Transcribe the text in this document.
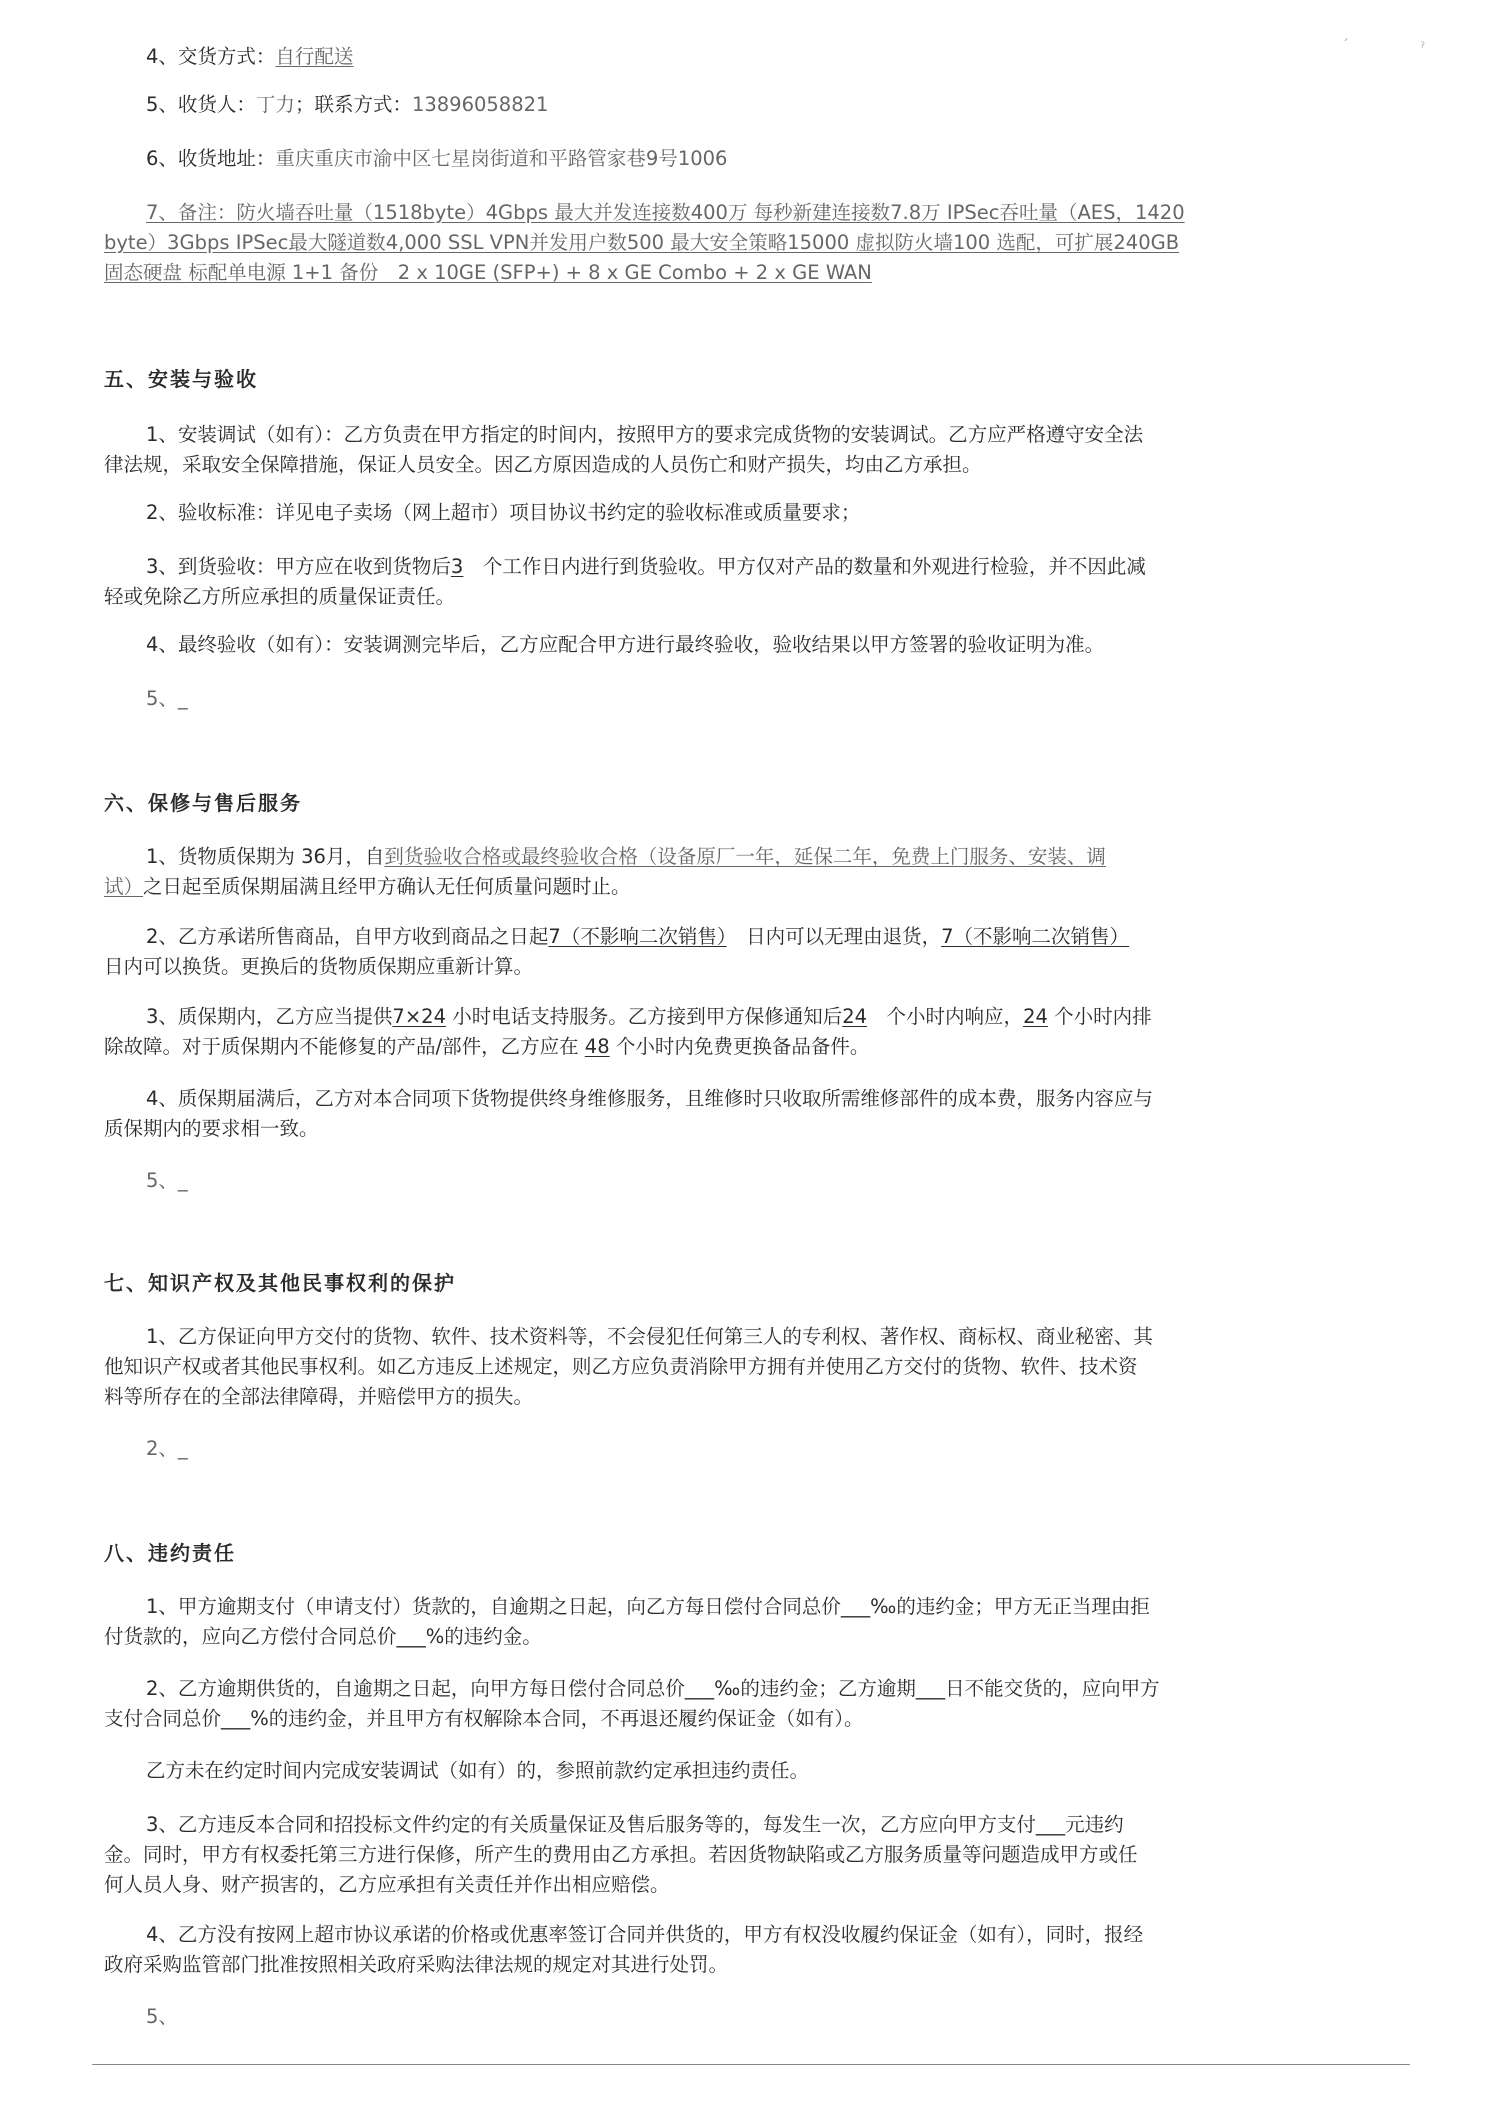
ˊ	ˀ
4、交货方式：自行配送
5、收货人：丁力；联系方式：13896058821
6、收货地址：重庆重庆市渝中区七星岗街道和平路管家巷9号1006
7、备注：防火墙吞吐量（1518byte）4Gbps 最大并发连接数400万 每秒新建连接数7.8万 IPSec吞吐量（AES，1420
byte）3Gbps IPSec最大隧道数4,000 SSL VPN并发用户数500 最大安全策略15000 虚拟防火墙100 选配，可扩展240GB
固态硬盘 标配单电源 1+1 备份　2 x 10GE (SFP+) + 8 x GE Combo + 2 x GE WAN
五、安装与验收
1、安装调试（如有）：乙方负责在甲方指定的时间内，按照甲方的要求完成货物的安装调试。乙方应严格遵守安全法
律法规，采取安全保障措施，保证人员安全。因乙方原因造成的人员伤亡和财产损失，均由乙方承担。
2、验收标准：详见电子卖场（网上超市）项目协议书约定的验收标准或质量要求；
3、到货验收：甲方应在收到货物后3　 个工作日内进行到货验收。甲方仅对产品的数量和外观进行检验，并不因此减
轻或免除乙方所应承担的质量保证责任。
4、最终验收（如有）：安装调测完毕后，乙方应配合甲方进行最终验收，验收结果以甲方签署的验收证明为准。
5、_
六、保修与售后服务
1、货物质保期为 36月，自到货验收合格或最终验收合格（设备原厂一年，延保二年，免费上门服务、安装、调
试）之日起至质保期届满且经甲方确认无任何质量问题时止。
2、乙方承诺所售商品，自甲方收到商品之日起7（不影响二次销售）　 日内可以无理由退货，7（不影响二次销售）
日内可以换货。更换后的货物质保期应重新计算。
3、质保期内，乙方应当提供7×24 小时电话支持服务。乙方接到甲方保修通知后24　 个小时内响应，24 个小时内排
除故障。对于质保期内不能修复的产品/部件，乙方应在 48 个小时内免费更换备品备件。
4、质保期届满后，乙方对本合同项下货物提供终身维修服务，且维修时只收取所需维修部件的成本费，服务内容应与
质保期内的要求相一致。
5、_
七、知识产权及其他民事权利的保护
1、乙方保证向甲方交付的货物、软件、技术资料等，不会侵犯任何第三人的专利权、著作权、商标权、商业秘密、其
他知识产权或者其他民事权利。如乙方违反上述规定，则乙方应负责消除甲方拥有并使用乙方交付的货物、软件、技术资
料等所存在的全部法律障碍，并赔偿甲方的损失。
2、_
八、违约责任
1、甲方逾期支付（申请支付）货款的，自逾期之日起，向乙方每日偿付合同总价___‰的违约金；甲方无正当理由拒
付货款的，应向乙方偿付合同总价___%的违约金。
2、乙方逾期供货的，自逾期之日起，向甲方每日偿付合同总价___‰的违约金；乙方逾期___日不能交货的，应向甲方
支付合同总价___%的违约金，并且甲方有权解除本合同，不再退还履约保证金（如有）。
乙方未在约定时间内完成安装调试（如有）的，参照前款约定承担违约责任。
3、乙方违反本合同和招投标文件约定的有关质量保证及售后服务等的，每发生一次，乙方应向甲方支付___元违约
金。同时，甲方有权委托第三方进行保修，所产生的费用由乙方承担。若因货物缺陷或乙方服务质量等问题造成甲方或任
何人员人身、财产损害的，乙方应承担有关责任并作出相应赔偿。
4、乙方没有按网上超市协议承诺的价格或优惠率签订合同并供货的，甲方有权没收履约保证金（如有），同时，报经
政府采购监管部门批准按照相关政府采购法律法规的规定对其进行处罚。
5、
